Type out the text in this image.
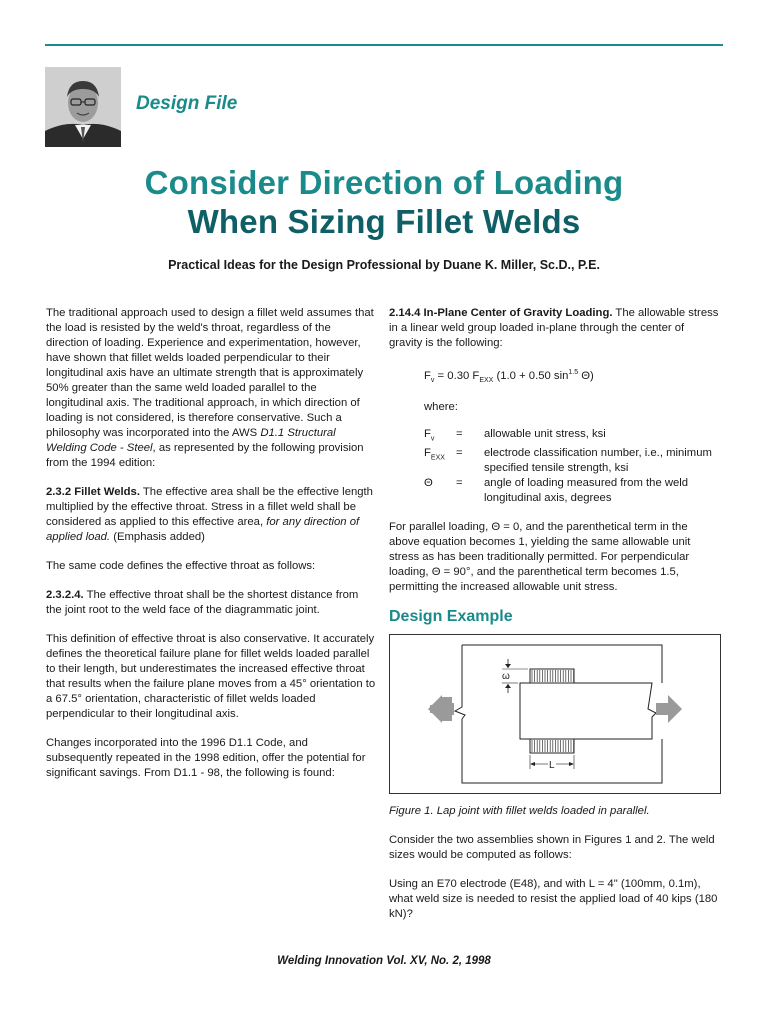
Design File
Consider Direction of Loading
When Sizing Fillet Welds
Practical Ideas for the Design Professional by Duane K. Miller, Sc.D., P.E.

The traditional approach used to design a fillet weld assumes that the load is resisted by the weld's throat, regardless of the direction of loading. Experience and experimentation, however, have shown that fillet welds loaded perpendicular to their longitudinal axis have an ultimate strength that is approximately 50% greater than the same weld loaded parallel to the longitudinal axis. The traditional approach, in which direction of loading is not considered, is therefore conservative. Such a philosophy was incorporated into the AWS D1.1 Structural Welding Code - Steel, as represented by the following provision from the 1994 edition:

2.3.2 Fillet Welds. The effective area shall be the effective length multiplied by the effective throat. Stress in a fillet weld shall be considered as applied to this effective area, for any direction of applied load. (Emphasis added)

The same code defines the effective throat as follows:

2.3.2.4. The effective throat shall be the shortest distance from the joint root to the weld face of the diagrammatic joint.

This definition of effective throat is also conservative. It accurately defines the theoretical failure plane for fillet welds loaded parallel to their length, but underestimates the increased effective throat that results when the failure plane moves from a 45° orientation to a 67.5° orientation, characteristic of fillet welds loaded perpendicular to their longitudinal axis.

Changes incorporated into the 1996 D1.1 Code, and subsequently repeated in the 1998 edition, offer the potential for significant savings. From D1.1 - 98, the following is found:

2.14.4 In-Plane Center of Gravity Loading. The allowable stress in a linear weld group loaded in-plane through the center of gravity is the following:

$F_v = 0.30$ $F_{EXX}$ (1.0 + 0.50 $\sin^{1.5} \Theta$)
where:
$F_v$	=	allowable unit stress, ksi
$F_{EXX}$ =	electrode classification number, i.e., minimum specified tensile strength, ksi
Θ	=	angle of loading measured from the weld longitudinal axis, degrees

For parallel loading, Θ = 0, and the parenthetical term in the above equation becomes 1, yielding the same allowable unit stress as has been traditionally permitted. For perpendicular loading, Θ = 90°, and the parenthetical term becomes 1.5, permitting the increased allowable unit stress.

Design Example
ω
L
Figure 1. Lap joint with fillet welds loaded in parallel.

Consider the two assemblies shown in Figures 1 and 2. The weld sizes would be computed as follows:

Using an E70 electrode (E48), and with L = 4" (100mm, 0.1m), what weld size is needed to resist the applied load of 40 kips (180 kN)?

Welding Innovation Vol. XV, No. 2, 1998
